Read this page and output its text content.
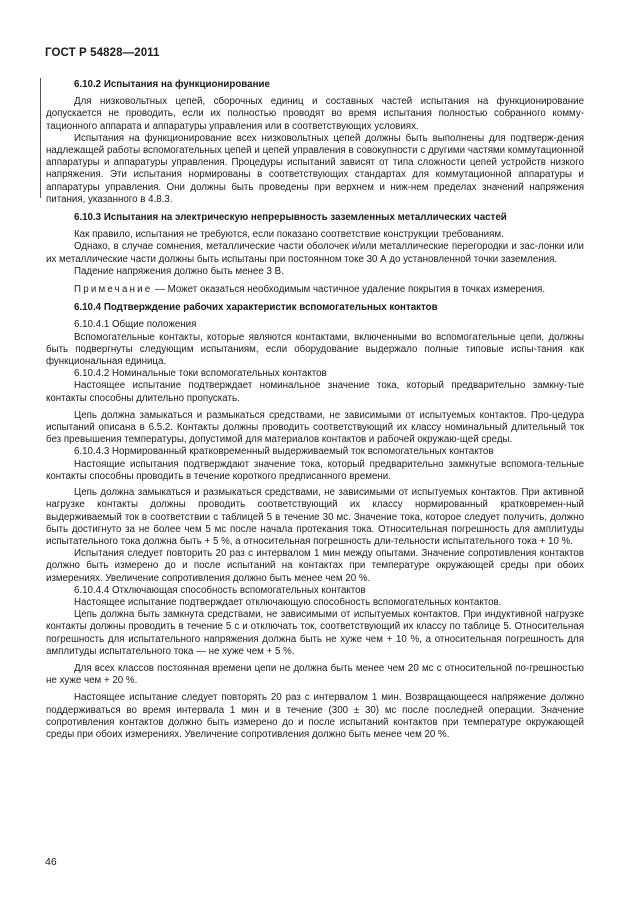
ГОСТ Р 54828—2011

6.10.2 Испытания на функционирование

Для низковольтных цепей, сборочных единиц и составных частей испытания на функционирование допускается не проводить, если их полностью проводят во время испытания полностью собранного комму-тационного аппарата и аппаратуры управления или в соответствующих условиях.

Испытания на функционирование всех низковольтных цепей должны быть выполнены для подтверж-дения надлежащей работы вспомогательных цепей и цепей управления в совокупности с другими частями коммутационной аппаратуры и аппаратуры управления. Процедуры испытаний зависят от типа сложности цепей устройств низкого напряжения. Эти испытания нормированы в соответствующих стандартах для коммутационной аппаратуры и аппаратуры управления. Они должны быть проведены при верхнем и ниж-нем пределах значений напряжения питания, указанного в 4.8.3.

6.10.3 Испытания на электрическую непрерывность заземленных металлических частей

Как правило, испытания не требуются, если показано соответствие конструкции требованиям.

Однако, в случае сомнения, металлические части оболочек и/или металлические перегородки и зас-лонки или их металлические части должны быть испытаны при постоянном токе 30 А до установленной точки заземления.

Падение напряжения должно быть менее 3 В.

Примечание — Может оказаться необходимым частичное удаление покрытия в точках измерения.

6.10.4 Подтверждение рабочих характеристик вспомогательных контактов

6.10.4.1 Общие положения

Вспомогательные контакты, которые являются контактами, включенными во вспомогательные цепи, должны быть подвергнуты следующим испытаниям, если оборудование выдержало полные типовые испы-тания как функциональная единица.

6.10.4.2 Номинальные токи вспомогательных контактов

Настоящее испытание подтверждает номинальное значение тока, который предварительно замкну-тые контакты способны длительно пропускать.

Цепь должна замыкаться и размыкаться средствами, не зависимыми от испытуемых контактов. Про-цедура испытаний описана в 6.5.2. Контакты должны проводить соответствующий их классу номинальный длительный ток без превышения температуры, допустимой для материалов контактов и рабочей окружаю-щей среды.

6.10.4.3 Нормированный кратковременный выдерживаемый ток вспомогательных контактов

Настоящие испытания подтверждают значение тока, который предварительно замкнутые вспомога-тельные контакты способны проводить в течение короткого предписанного времени.

Цепь должна замыкаться и размыкаться средствами, не зависимыми от испытуемых контактов. При активной нагрузке контакты должны проводить соответствующий их классу нормированный кратковремен-ный выдерживаемый ток в соответствии с таблицей 5 в течение 30 мс. Значение тока, которое следует получить, должно быть достигнуто за не более чем 5 мс после начала протекания тока. Относительная погрешность для амплитуды испытательного тока должна быть + 5 %, а относительная погрешность дли-тельности испытательного тока + 10 %.

Испытания следует повторить 20 раз с интервалом 1 мин между опытами. Значение сопротивления контактов должно быть измерено до и после испытаний на контактах при температуре окружающей среды при обоих измерениях. Увеличение сопротивления должно быть менее чем 20 %.

6.10.4.4 Отключающая способность вспомогательных контактов

Настоящее испытание подтверждает отключающую способность вспомогательных контактов.

Цепь должна быть замкнута средствами, не зависимыми от испытуемых контактов. При индуктивной нагрузке контакты должны проводить в течение 5 с и отключать ток, соответствующий их классу по таблице 5. Относительная погрешность для испытательного напряжения должна быть не хуже чем + 10 %, а относительная погрешность для амплитуды испытательного тока — не хуже чем + 5 %.

Для всех классов постоянная времени цепи не должна быть менее чем 20 мс с относительной по-грешностью не хуже чем + 20 %.

Настоящее испытание следует повторять 20 раз с интервалом 1 мин. Возвращающееся напряжение должно поддерживаться во время интервала 1 мин и в течение (300 ± 30) мс после последней операции. Значение сопротивления контактов должно быть измерено до и после испытаний контактов при температуре окружающей среды при обоих измерениях. Увеличение сопротивления должно быть менее чем 20 %.

46
